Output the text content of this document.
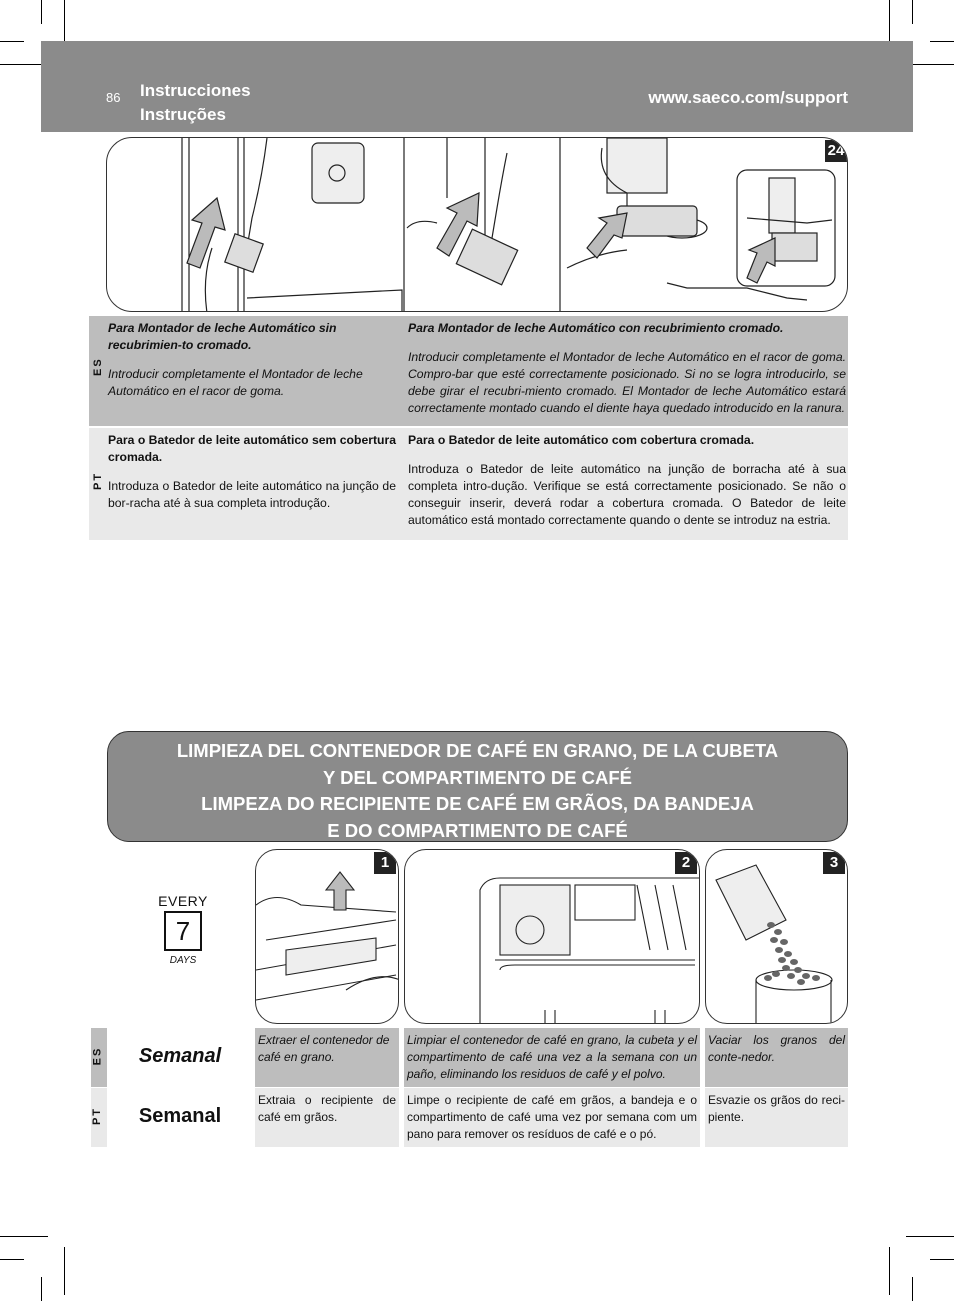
86 Instrucciones
Instruções
www.saeco.com/support
24
ES
Para Montador de leche Automático sin recubrimien-to cromado.
Introducir completamente el Montador de leche Automático en el racor de goma.
Para Montador de leche Automático con recubrimiento cromado.
Introducir completamente el Montador de leche Automático en el racor de goma. Compro-bar que esté correctamente posicionado. Si no se logra introducirlo, se debe girar el recubri-miento cromado. El Montador de leche Automático estará correctamente montado cuando el diente haya quedado introducido en la ranura.
PT
Para o Batedor de leite automático sem cobertura cromada.
Introduza o Batedor de leite automático na junção de bor-racha até à sua completa introdução.
Para o Batedor de leite automático com cobertura cromada.
Introduza o Batedor de leite automático na junção de borracha até à sua completa intro-dução. Verifique se está correctamente posicionado. Se não o conseguir inserir, deverá rodar a cobertura cromada. O Batedor de leite automático está montado correctamente quando o dente se introduz na estria.
LIMPIEZA DEL CONTENEDOR DE CAFÉ EN GRANO, DE LA CUBETA
Y DEL COMPARTIMENTO DE CAFÉ
LIMPEZA DO RECIPIENTE DE CAFÉ EM GRÃOS, DA BANDEJA
E DO COMPARTIMENTO DE CAFÉ
EVERY
7
DAYS
1	2	3
ES
PT
Semanal
Semanal
Extraer el contenedor de café en grano.
Limpiar el contenedor de café en grano, la cubeta y el compartimento de café una vez a la semana con un paño, eliminando los residuos de café y el polvo.
Vaciar los granos del conte-nedor.
Extraia o recipiente de café em grãos.
Limpe o recipiente de café em grãos, a bandeja e o compartimento de café uma vez por semana com um pano para remover os resíduos de café e o pó.
Esvazie os grãos do reci-piente.
